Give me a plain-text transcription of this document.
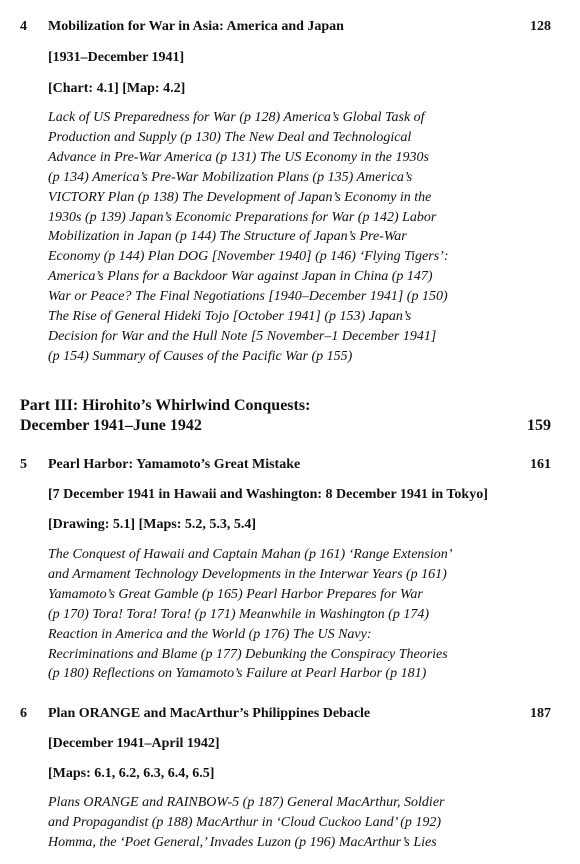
4 Mobilization for War in Asia: America and Japan	128
[1931–December 1941]
[Chart: 4.1] [Map: 4.2]
Lack of US Preparedness for War (p 128) America’s Global Task of
Production and Supply (p 130) The New Deal and Technological
Advance in Pre-War America (p 131) The US Economy in the 1930s
(p 134) America’s Pre-War Mobilization Plans (p 135) America’s
VICTORY Plan (p 138) The Development of Japan’s Economy in the
1930s (p 139) Japan’s Economic Preparations for War (p 142) Labor
Mobilization in Japan (p 144) The Structure of Japan’s Pre-War
Economy (p 144) Plan DOG [November 1940] (p 146) ‘Flying Tigers’:
America’s Plans for a Backdoor War against Japan in China (p 147)
War or Peace? The Final Negotiations [1940–December 1941] (p 150)
The Rise of General Hideki Tojo [October 1941] (p 153) Japan’s
Decision for War and the Hull Note [5 November–1 December 1941]
(p 154) Summary of Causes of the Pacific War (p 155)
Part III: Hirohito’s Whirlwind Conquests:
December 1941–June 1942	159
5 Pearl Harbor: Yamamoto’s Great Mistake	161
[7 December 1941 in Hawaii and Washington: 8 December 1941 in Tokyo]
[Drawing: 5.1] [Maps: 5.2, 5.3, 5.4]
The Conquest of Hawaii and Captain Mahan (p 161) ‘Range Extension’
and Armament Technology Developments in the Interwar Years (p 161)
Yamamoto’s Great Gamble (p 165) Pearl Harbor Prepares for War
(p 170) Tora! Tora! Tora! (p 171) Meanwhile in Washington (p 174)
Reaction in America and the World (p 176) The US Navy:
Recriminations and Blame (p 177) Debunking the Conspiracy Theories
(p 180) Reflections on Yamamoto’s Failure at Pearl Harbor (p 181)
6 Plan ORANGE and MacArthur’s Philippines Debacle	187
[December 1941–April 1942]
[Maps: 6.1, 6.2, 6.3, 6.4, 6.5]
Plans ORANGE and RAINBOW-5 (p 187) General MacArthur, Soldier
and Propagandist (p 188) MacArthur in ‘Cloud Cuckoo Land’ (p 192)
Homma, the ‘Poet General,’ Invades Luzon (p 196) MacArthur’s Lies
